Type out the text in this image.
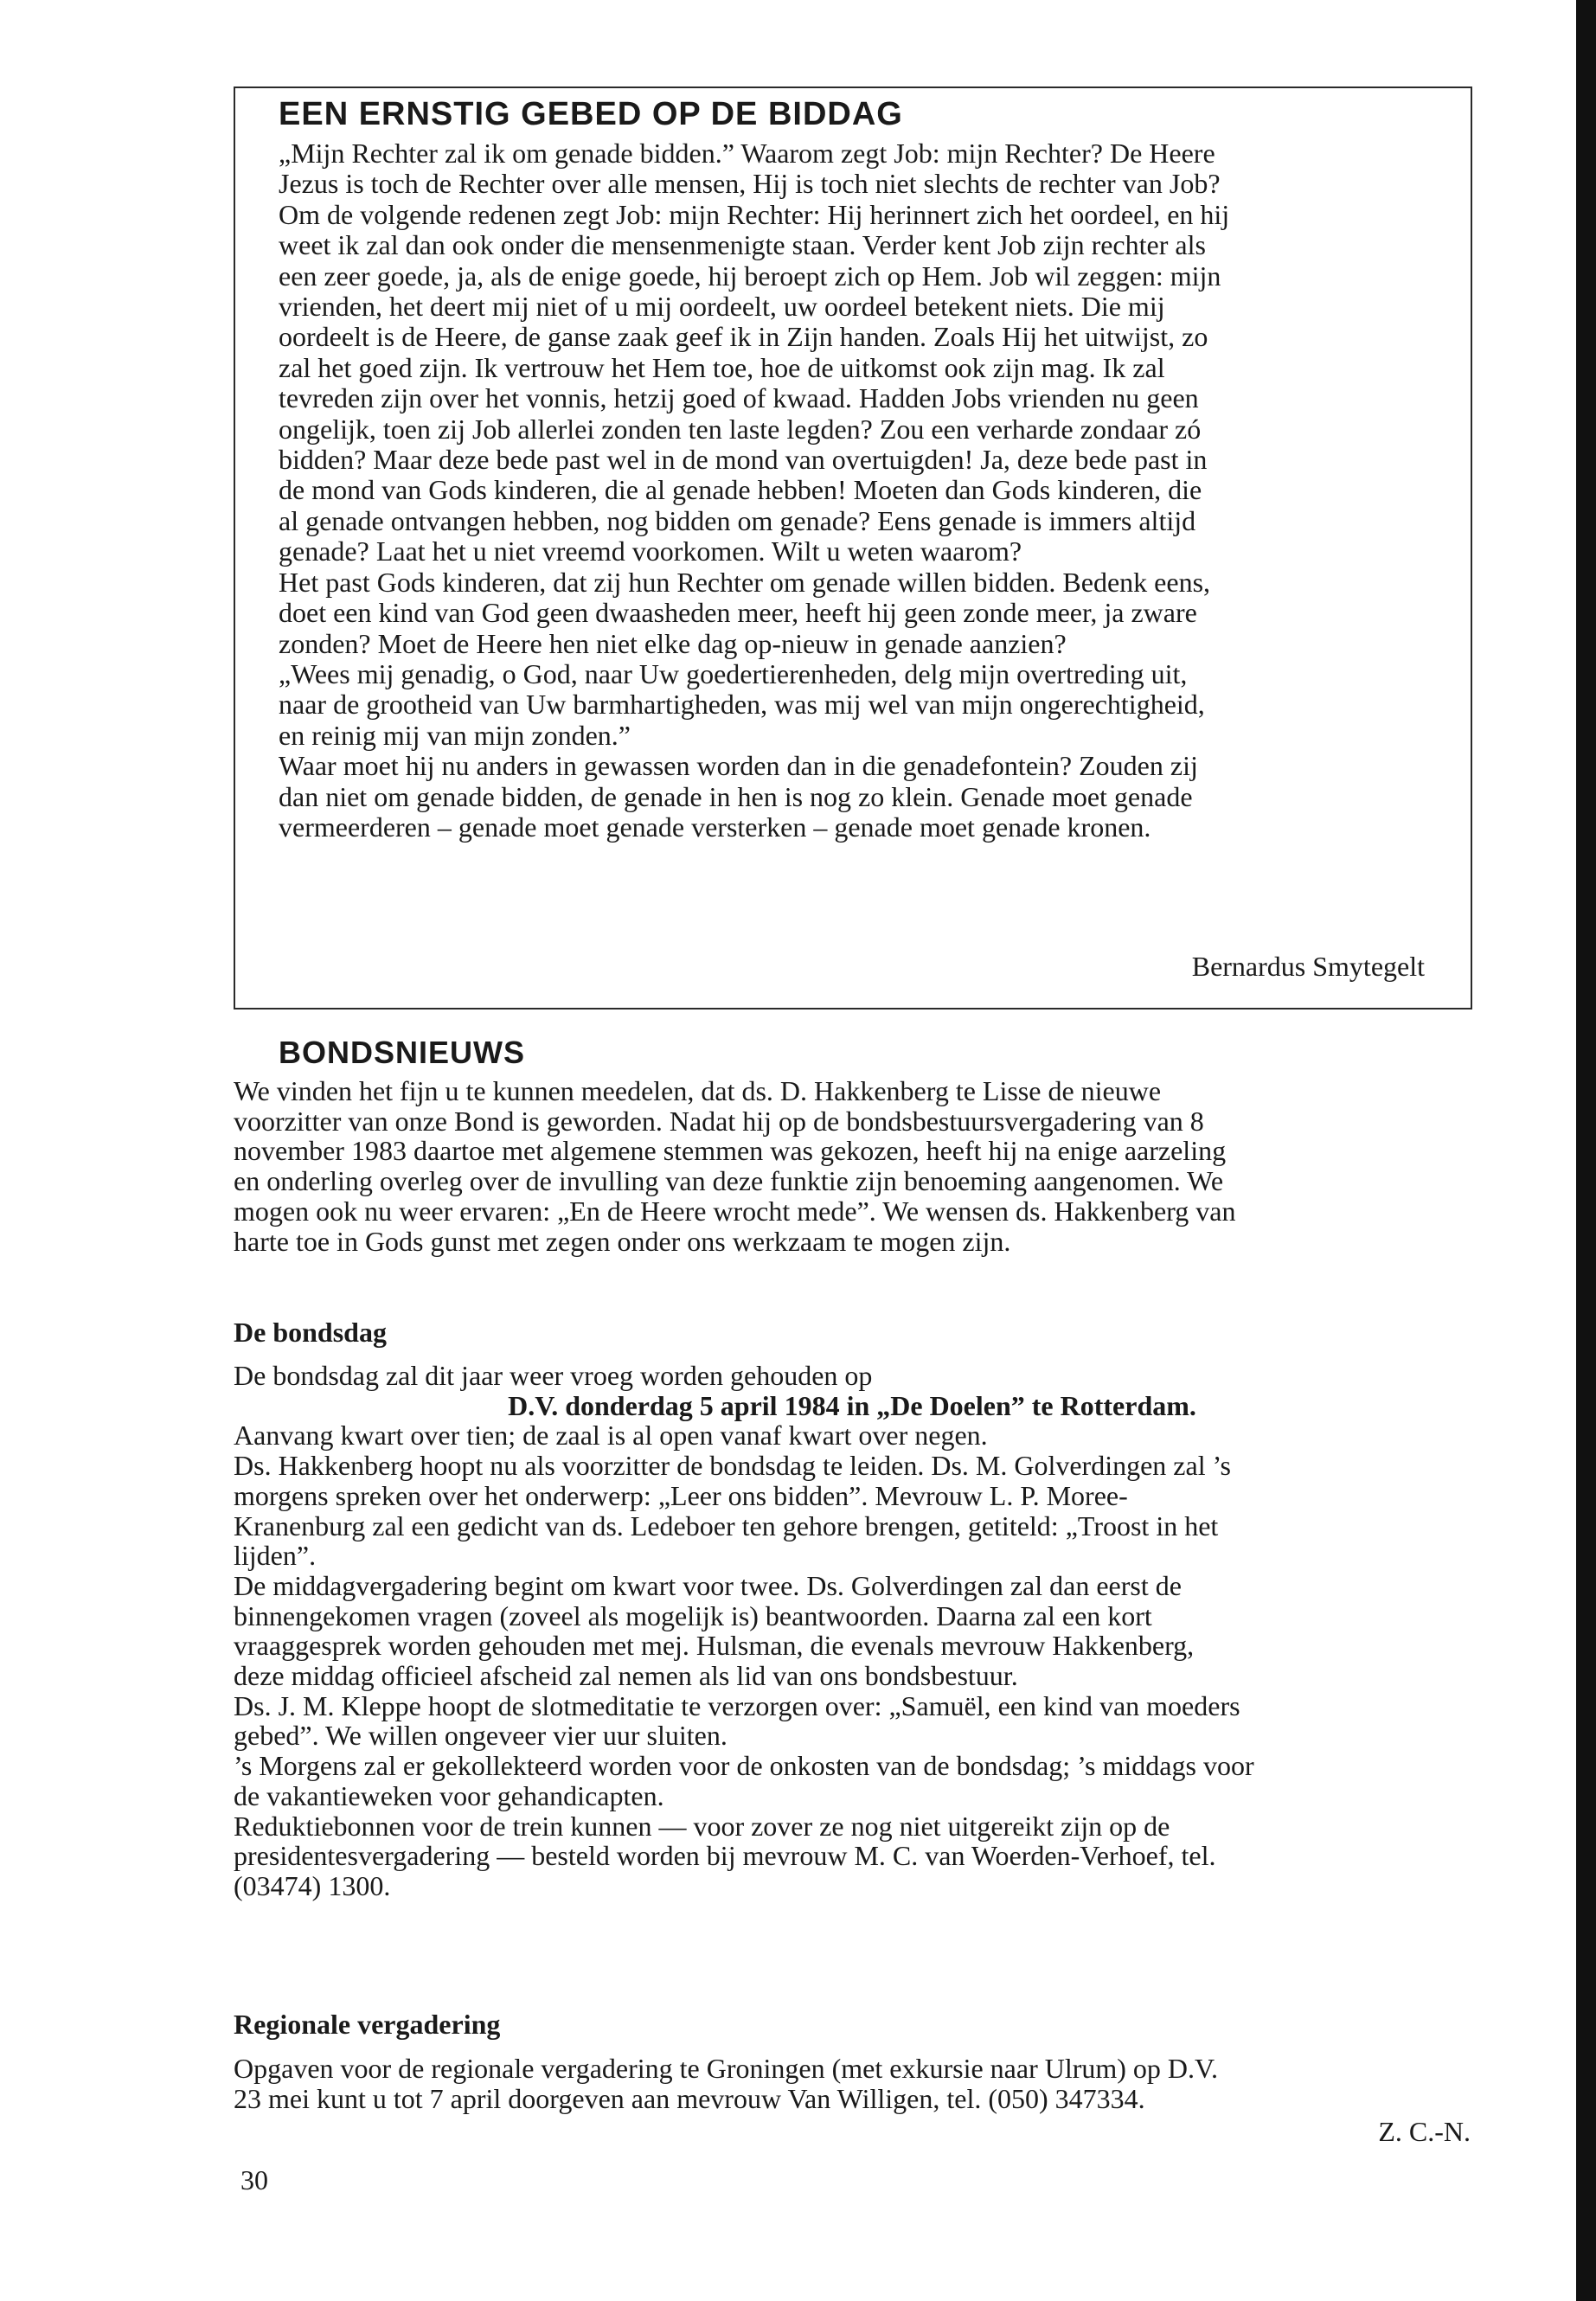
EEN ERNSTIG GEBED OP DE BIDDAG

„Mijn Rechter zal ik om genade bidden.” Waarom zegt Job: mijn Rechter? De Heere

Jezus is toch de Rechter over alle mensen, Hij is toch niet slechts de rechter van Job?

Om de volgende redenen zegt Job: mijn Rechter: Hij herinnert zich het oordeel, en hij

weet ik zal dan ook onder die mensenmenigte staan. Verder kent Job zijn rechter als

een zeer goede, ja, als de enige goede, hij beroept zich op Hem. Job wil zeggen: mijn

vrienden, het deert mij niet of u mij oordeelt, uw oordeel betekent niets. Die mij

oordeelt is de Heere, de ganse zaak geef ik in Zijn handen. Zoals Hij het uitwijst, zo

zal het goed zijn. Ik vertrouw het Hem toe, hoe de uitkomst ook zijn mag. Ik zal

tevreden zijn over het vonnis, hetzij goed of kwaad. Hadden Jobs vrienden nu geen

ongelijk, toen zij Job allerlei zonden ten laste legden? Zou een verharde zondaar zó

bidden? Maar deze bede past wel in de mond van overtuigden! Ja, deze bede past in

de mond van Gods kinderen, die al genade hebben! Moeten dan Gods kinderen, die

al genade ontvangen hebben, nog bidden om genade? Eens genade is immers altijd

genade? Laat het u niet vreemd voorkomen. Wilt u weten waarom?

Het past Gods kinderen, dat zij hun Rechter om genade willen bidden. Bedenk eens,

doet een kind van God geen dwaasheden meer, heeft hij geen zonde meer, ja zware

zonden? Moet de Heere hen niet elke dag op-nieuw in genade aanzien?

„Wees mij genadig, o God, naar Uw goedertierenheden, delg mijn overtreding uit,

naar de grootheid van Uw barmhartigheden, was mij wel van mijn ongerechtigheid,

en reinig mij van mijn zonden.”

Waar moet hij nu anders in gewassen worden dan in die genadefontein? Zouden zij

dan niet om genade bidden, de genade in hen is nog zo klein. Genade moet genade

vermeerderen – genade moet genade versterken – genade moet genade kronen.

Bernardus Smytegelt
BONDSNIEUWS

We vinden het fijn u te kunnen meedelen, dat ds. D. Hakkenberg te Lisse de nieuwe

voorzitter van onze Bond is geworden. Nadat hij op de bondsbestuursvergadering van 8

november 1983 daartoe met algemene stemmen was gekozen, heeft hij na enige aarzeling

en onderling overleg over de invulling van deze funktie zijn benoeming aangenomen. We

mogen ook nu weer ervaren: „En de Heere wrocht mede”. We wensen ds. Hakkenberg van

harte toe in Gods gunst met zegen onder ons werkzaam te mogen zijn.

De bondsdag

De bondsdag zal dit jaar weer vroeg worden gehouden op

D.V. donderdag 5 april 1984 in „De Doelen” te Rotterdam.

Aanvang kwart over tien; de zaal is al open vanaf kwart over negen.

Ds. Hakkenberg hoopt nu als voorzitter de bondsdag te leiden. Ds. M. Golverdingen zal ’s

morgens spreken over het onderwerp: „Leer ons bidden”. Mevrouw L. P. Moree-

Kranenburg zal een gedicht van ds. Ledeboer ten gehore brengen, getiteld: „Troost in het

lijden”.

De middagvergadering begint om kwart voor twee. Ds. Golverdingen zal dan eerst de

binnengekomen vragen (zoveel als mogelijk is) beantwoorden. Daarna zal een kort

vraaggesprek worden gehouden met mej. Hulsman, die evenals mevrouw Hakkenberg,

deze middag officieel afscheid zal nemen als lid van ons bondsbestuur.

Ds. J. M. Kleppe hoopt de slotmeditatie te verzorgen over: „Samuël, een kind van moeders

gebed”. We willen ongeveer vier uur sluiten.

’s Morgens zal er gekollekteerd worden voor de onkosten van de bondsdag; ’s middags voor

de vakantieweken voor gehandicapten.

Reduktiebonnen voor de trein kunnen — voor zover ze nog niet uitgereikt zijn op de

presidentesvergadering — besteld worden bij mevrouw M. C. van Woerden-Verhoef, tel.

(03474) 1300.

Regionale vergadering

Opgaven voor de regionale vergadering te Groningen (met exkursie naar Ulrum) op D.V.

23 mei kunt u tot 7 april doorgeven aan mevrouw Van Willigen, tel. (050) 347334.

Z. C.-N.
30
